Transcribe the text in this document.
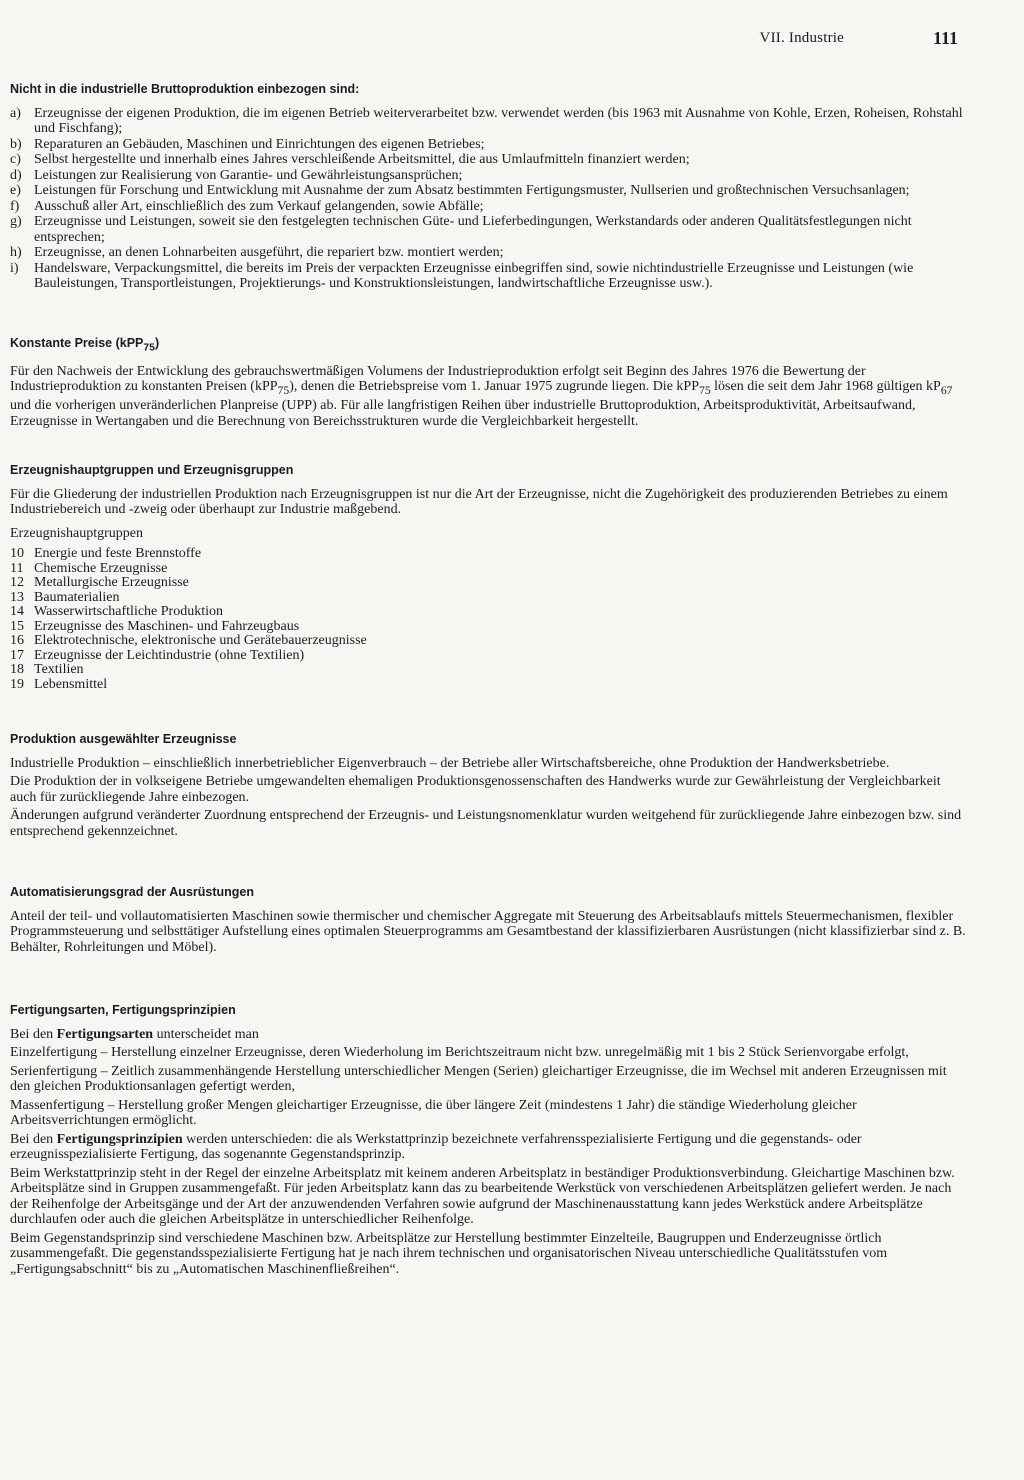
VII. Industrie	111
Nicht in die industrielle Bruttoproduktion einbezogen sind:
a) Erzeugnisse der eigenen Produktion, die im eigenen Betrieb weiterverarbeitet bzw. verwendet werden (bis 1963 mit Ausnahme von Kohle, Erzen, Roheisen, Rohstahl und Fischfang);
b) Reparaturen an Gebäuden, Maschinen und Einrichtungen des eigenen Betriebes;
c) Selbst hergestellte und innerhalb eines Jahres verschleißende Arbeitsmittel, die aus Umlaufmitteln finanziert werden;
d) Leistungen zur Realisierung von Garantie- und Gewährleistungsansprüchen;
e) Leistungen für Forschung und Entwicklung mit Ausnahme der zum Absatz bestimmten Fertigungsmuster, Nullserien und großtechnischen Versuchsanlagen;
f) Ausschuß aller Art, einschließlich des zum Verkauf gelangenden, sowie Abfälle;
g) Erzeugnisse und Leistungen, soweit sie den festgelegten technischen Güte- und Lieferbedingungen, Werkstandards oder anderen Qualitätsfestlegungen nicht entsprechen;
h) Erzeugnisse, an denen Lohnarbeiten ausgeführt, die repariert bzw. montiert werden;
i) Handelsware, Verpackungsmittel, die bereits im Preis der verpackten Erzeugnisse einbegriffen sind, sowie nichtindustrielle Erzeugnisse und Leistungen (wie Bauleistungen, Transportleistungen, Projektierungs- und Konstruktionsleistungen, landwirtschaftliche Erzeugnisse usw.).
Konstante Preise (kPP$_{75}$)

Für den Nachweis der Entwicklung des gebrauchswertmäßigen Volumens der Industrieproduktion erfolgt seit Beginn des Jahres 1976 die Bewertung der Industrieproduktion zu konstanten Preisen (kPP$_{75}$), denen die Betriebspreise vom 1. Januar 1975 zugrunde liegen. Die kPP$_{75}$ lösen die seit dem Jahr 1968 gültigen $kP_{67}$ und die vorherigen unveränderlichen Planpreise (UPP) ab. Für alle langfristigen Reihen über industrielle Bruttoproduktion, Arbeitsproduktivität, Arbeitsaufwand, Erzeugnisse in Wertangaben und die Berechnung von Bereichsstrukturen wurde die Vergleichbarkeit hergestellt.

Erzeugnishauptgruppen und Erzeugnisgruppen

Für die Gliederung der industriellen Produktion nach Erzeugnisgruppen ist nur die Art der Erzeugnisse, nicht die Zugehörigkeit des produzierenden Betriebes zu einem Industriebereich und -zweig oder überhaupt zur Industrie maßgebend.

Erzeugnishauptgruppen

10 Energie und feste Brennstoffe
11 Chemische Erzeugnisse
12 Metallurgische Erzeugnisse
13 Baumaterialien
14 Wasserwirtschaftliche Produktion
15 Erzeugnisse des Maschinen- und Fahrzeugbaus
16 Elektrotechnische, elektronische und Gerätebauerzeugnisse
17 Erzeugnisse der Leichtindustrie (ohne Textilien)
18 Textilien
19 Lebensmittel
Produktion ausgewählter Erzeugnisse

Industrielle Produktion – einschließlich innerbetrieblicher Eigenverbrauch – der Betriebe aller Wirtschaftsbereiche, ohne Produktion der Handwerksbetriebe.

Die Produktion der in volkseigene Betriebe umgewandelten ehemaligen Produktionsgenossenschaften des Handwerks wurde zur Gewährleistung der Vergleichbarkeit auch für zurückliegende Jahre einbezogen.

Änderungen aufgrund veränderter Zuordnung entsprechend der Erzeugnis- und Leistungsnomenklatur wurden weitgehend für zurückliegende Jahre einbezogen bzw. sind entsprechend gekennzeichnet.

Automatisierungsgrad der Ausrüstungen

Anteil der teil- und vollautomatisierten Maschinen sowie thermischer und chemischer Aggregate mit Steuerung des Arbeitsablaufs mittels Steuermechanismen, flexibler Programmsteuerung und selbsttätiger Aufstellung eines optimalen Steuerprogramms am Gesamtbestand der klassifizierbaren Ausrüstungen (nicht klassifizierbar sind z. B. Behälter, Rohrleitungen und Möbel).

Fertigungsarten, Fertigungsprinzipien

Bei den Fertigungsarten unterscheidet man

Einzelfertigung – Herstellung einzelner Erzeugnisse, deren Wiederholung im Berichtszeitraum nicht bzw. unregelmäßig mit 1 bis 2 Stück Serienvorgabe erfolgt,

Serienfertigung – Zeitlich zusammenhängende Herstellung unterschiedlicher Mengen (Serien) gleichartiger Erzeugnisse, die im Wechsel mit anderen Erzeugnissen mit den gleichen Produktionsanlagen gefertigt werden,

Massenfertigung – Herstellung großer Mengen gleichartiger Erzeugnisse, die über längere Zeit (mindestens 1 Jahr) die ständige Wiederholung gleicher Arbeitsverrichtungen ermöglicht.

Bei den Fertigungsprinzipien werden unterschieden: die als Werkstattprinzip bezeichnete verfahrensspezialisierte Fertigung und die gegenstands- oder erzeugnisspezialisierte Fertigung, das sogenannte Gegenstandsprinzip.

Beim Werkstattprinzip steht in der Regel der einzelne Arbeitsplatz mit keinem anderen Arbeitsplatz in beständiger Produktionsverbindung. Gleichartige Maschinen bzw. Arbeitsplätze sind in Gruppen zusammengefaßt. Für jeden Arbeitsplatz kann das zu bearbeitende Werkstück von verschiedenen Arbeitsplätzen geliefert werden. Je nach der Reihenfolge der Arbeitsgänge und der Art der anzuwendenden Verfahren sowie aufgrund der Maschinenausstattung kann jedes Werkstück andere Arbeitsplätze durchlaufen oder auch die gleichen Arbeitsplätze in unterschiedlicher Reihenfolge.

Beim Gegenstandsprinzip sind verschiedene Maschinen bzw. Arbeitsplätze zur Herstellung bestimmter Einzelteile, Baugruppen und Enderzeugnisse örtlich zusammengefaßt. Die gegenstandsspezialisierte Fertigung hat je nach ihrem technischen und organisatorischen Niveau unterschiedliche Qualitätsstufen vom „Fertigungsabschnitt“ bis zu „Automatischen Maschinenfließreihen“.
